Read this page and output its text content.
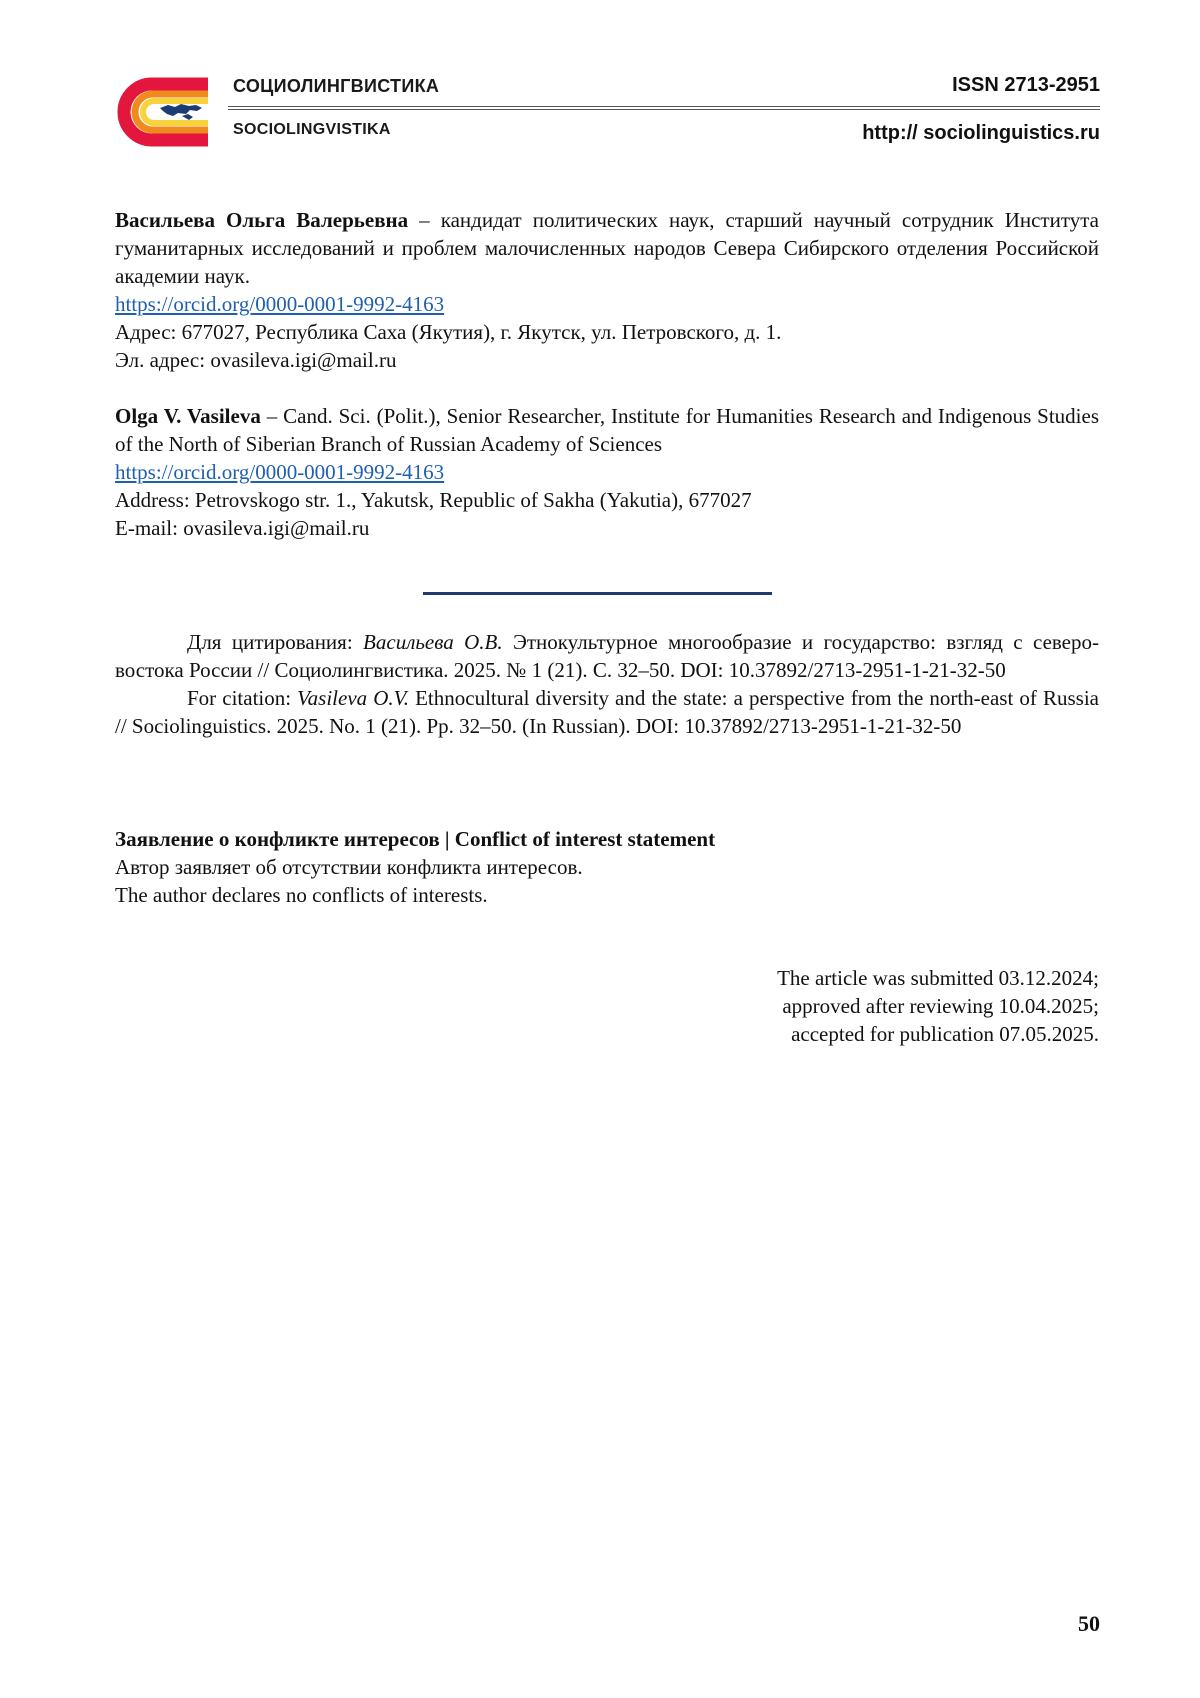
СОЦИОЛИНГВИСТИКА
SOCIOLINGVISTIKA
ISSN 2713-2951
http:// sociolinguistics.ru

Васильева Ольга Валерьевна – кандидат политических наук, старший научный сотрудник Института гуманитарных исследований и проблем малочисленных народов Севера Сибирского отделения Российской академии наук.

https://orcid.org/0000-0001-9992-4163

Адрес: 677027, Республика Саха (Якутия), г. Якутск, ул. Петровского, д. 1.

Эл. адрес: ovasileva.igi@mail.ru

Olga V. Vasileva – Cand. Sci. (Polit.), Senior Researcher, Institute for Humanities Research and Indigenous Studies of the North of Siberian Branch of Russian Academy of Sciences

https://orcid.org/0000-0001-9992-4163

Address: Petrovskogo str. 1., Yakutsk, Republic of Sakha (Yakutia), 677027

E-mail: ovasileva.igi@mail.ru

Для цитирования: Васильева О.В. Этнокультурное многообразие и государство: взгляд с северо-востока России // Социолингвистика. 2025. № 1 (21). С. 32–50. DOI: 10.37892/2713-2951-1-21-32-50

For citation: Vasileva O.V. Ethnocultural diversity and the state: a perspective from the north-east of Russia // Sociolinguistics. 2025. No. 1 (21). Pp. 32–50. (In Russian). DOI: 10.37892/2713-2951-1-21-32-50

Заявление о конфликте интересов | Conflict of interest statement

Автор заявляет об отсутствии конфликта интересов.

The author declares no conflicts of interests.

The article was submitted 03.12.2024;

approved after reviewing 10.04.2025;

accepted for publication 07.05.2025.

50
